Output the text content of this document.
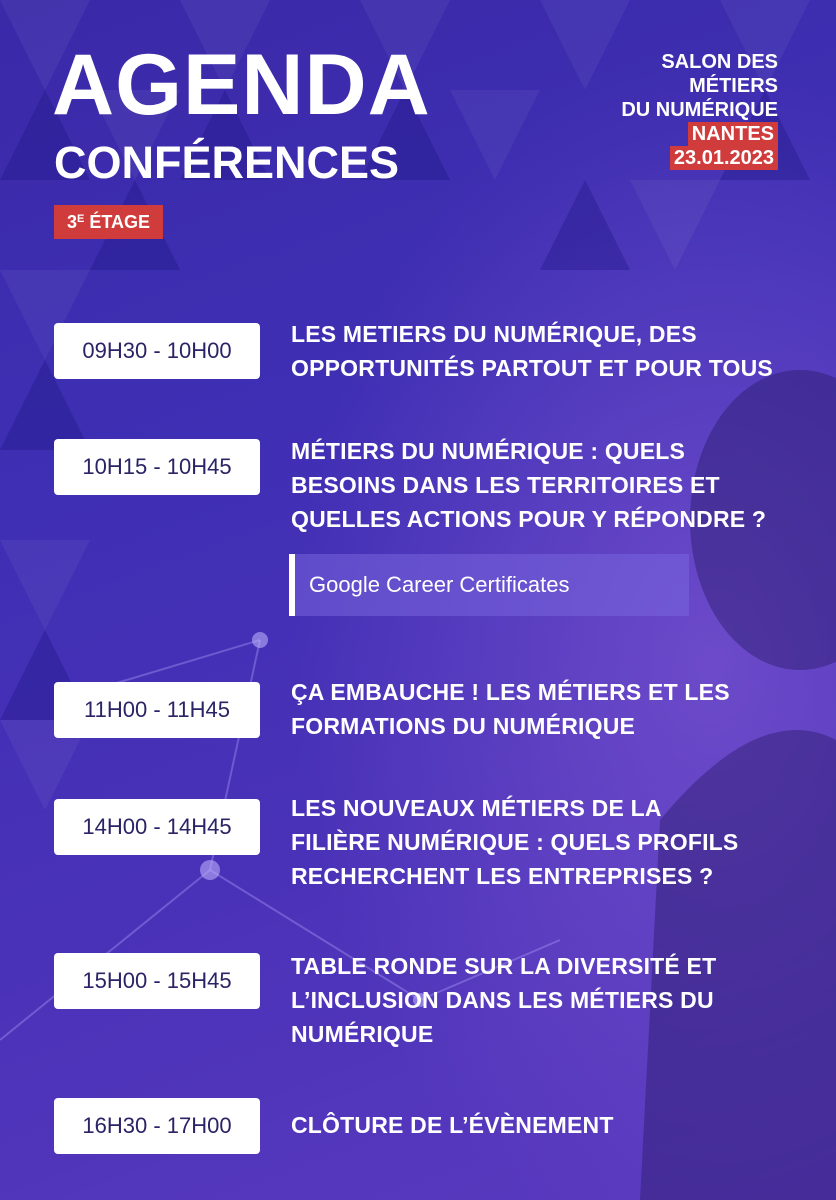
AGENDA
CONFÉRENCES
$3^E$ ÉTAGE
SALON DES
MÉTIERS
DU NUMÉRIQUE
NANTES
23.01.2023
09H30 - 10H00
LES METIERS DU NUMÉRIQUE, DES
OPPORTUNITÉS PARTOUT ET POUR TOUS
10H15 - 10H45
MÉTIERS DU NUMÉRIQUE : QUELS
BESOINS DANS LES TERRITOIRES ET
QUELLES ACTIONS POUR Y RÉPONDRE ?
Google Career Certificates
11H00 - 11H45
ÇA EMBAUCHE ! LES MÉTIERS ET LES
FORMATIONS DU NUMÉRIQUE
14H00 - 14H45
LES NOUVEAUX MÉTIERS DE LA
FILIÈRE NUMÉRIQUE : QUELS PROFILS
RECHERCHENT LES ENTREPRISES ?
15H00 - 15H45
TABLE RONDE SUR LA DIVERSITÉ ET
L’INCLUSION DANS LES MÉTIERS DU
NUMÉRIQUE
16H30 - 17H00	CLÔTURE DE L’ÉVÈNEMENT
